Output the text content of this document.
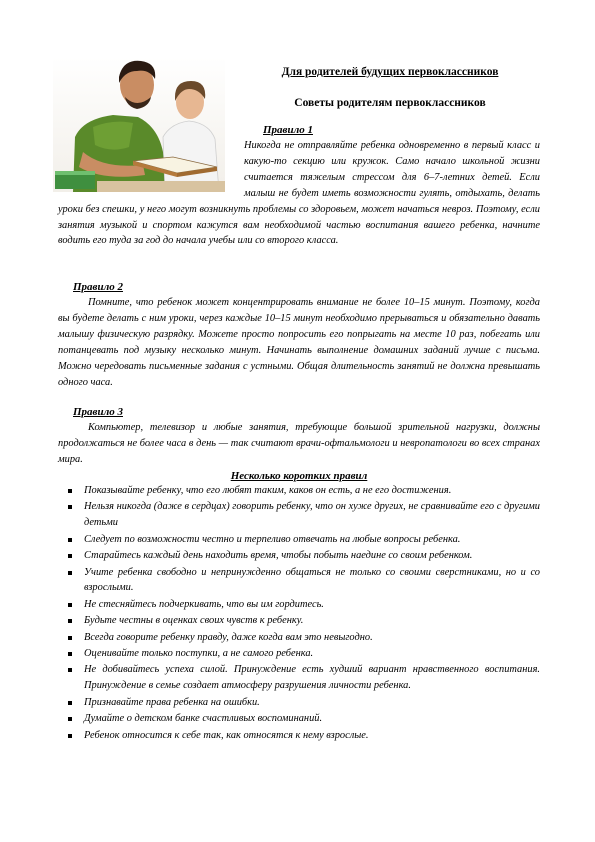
Для родителей будущих первоклассников
Советы родителям первоклассников
Правило 1
Никогда не отправляйте ребенка одновременно в первый класс и какую-то секцию или кружок. Само начало школьной жизни считается тяжелым стрессом для 6–7-летних детей. Если малыш не будет иметь возможности гулять, отдыхать, делать уроки без спешки, у него могут возникнуть проблемы со здоровьем, может начаться невроз. Поэтому, если занятия музыкой и спортом кажутся вам необходимой частью воспитания вашего ребенка, начните водить его туда за год до начала учебы или со второго класса.
Правило 2
Помните, что ребенок может концентрировать внимание не более 10–15 минут. Поэтому, когда вы будете делать с ним уроки, через каждые 10–15 минут необходимо прерываться и обязательно давать малышу физическую разрядку. Можете просто попросить его попрыгать на месте 10 раз, побегать или потанцевать под музыку несколько минут. Начинать выполнение домашних заданий лучше с письма. Можно чередовать письменные задания с устными. Общая длительность занятий не должна превышать одного часа.
Правило 3
Компьютер, телевизор и любые занятия, требующие большой зрительной нагрузки, должны продолжаться не более часа в день — так считают врачи-офтальмологи и невропатологи во всех странах мира.
Несколько коротких правил
Показывайте ребенку, что его любят таким, каков он есть, а не его достижения.
Нельзя никогда (даже в сердцах) говорить ребенку, что он хуже других, не сравнивайте его с другими детьми
Следует по возможности честно и терпеливо отвечать на любые вопросы ребенка.
Старайтесь каждый день находить время, чтобы побыть наедине со своим ребенком.
Учите ребенка свободно и непринужденно общаться не только со своими сверстниками, но и со взрослыми.
Не стесняйтесь подчеркивать, что вы им гордитесь.
Будьте честны в оценках своих чувств к ребенку.
Всегда говорите ребенку правду, даже когда вам это невыгодно.
Оценивайте только поступки, а не самого ребенка.
Не добивайтесь успеха силой. Принуждение есть худший вариант нравственного воспитания. Принуждение в семье создает атмосферу разрушения личности ребенка.
Признавайте права ребенка на ошибки.
Думайте о детском банке счастливых воспоминаний.
Ребенок относится к себе так, как относятся к нему взрослые.
